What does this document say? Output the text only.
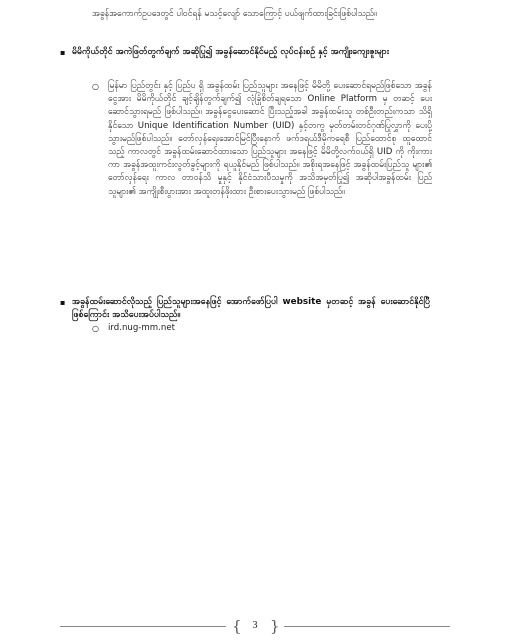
အခွန်အကောက်ဥပဒေတွင် ပါဝင်ရန် မသင့်လျော် သောကြောင့် ပယ်ဖျက်ထားခြင်းဖြစ်ပါသည်။
▪ မိမိကိုယ်တိုင် အကဲဖြတ်တွက်ချက် အဆိုပြု၍ အခွန်ဆောင်နိုင်မည့် လုပ်ငန်းစဉ် နှင့် အကျိုးကျေးဇူးများ
○	မြန်မာ ပြည်တွင်း နှင့် ပြည်ပ ရှိ အခွန်ထမ်း ပြည်သူများ အနေဖြင့် မိမိတို့ ပေးဆောင်ရမည်ဖြစ်သော အခွန်ငွေအား မိမိကိုယ်တိုင် ချင့်ချိန်တွက်ချက်၍ လုံခြုံစိတ်ချရသော Online Platform မှ တဆင့် ပေးဆောင်သွားရမည် ဖြစ်ပါသည်။ အခွန်ငွေပေးဆောင် ပြီးသည့်အခါ အခွန်ထမ်းသူ တစ်ဦးတည်းကသာ သိရှိနိုင်သော Unique Identification Number (UID) နှင့်တကွ မှတ်တမ်းတင်ဂုဏ်ပြုလွှာကို ပေးပို့သွားမည်ဖြစ်ပါသည်။ တော်လှန်ရေးအောင်မြင်ပြီးနောက် ဖက်ဒရယ်ဒီမိုကရေစီ ပြည်ထောင်စု ထူထောင်သည့် ကာလတွင် အခွန်ထမ်းဆောင်ထားသော ပြည်သူများ အနေဖြင့် မိမိတို့လက်ဝယ်ရှိ UID ကို ကိုးကားကာ အခွန်အထူးကင်းလွတ်ခွင့်များကို ရယူနိုင်မည် ဖြစ်ပါသည်။ အစိုးရအနေဖြင့် အခွန်ထမ်းပြည်သူ များ၏ တော်လှန်ရေး ကာလ တာဝန်သိ မှုနှင့် နိုင်ငံသားပီသမှုကို အသိအမှတ်ပြု၍ အဆိုပါအခွန်ထမ်း ပြည်သူများ၏ အကျိုးစီးပွားအား အထူးတန်ဖိုးထား ဦးစားပေးသွားမည် ဖြစ်ပါသည်။
▪ အခွန်ထမ်းဆောင်လိုသည့် ပြည်သူများအနေဖြင့် အောက်ဖော်ပြပါ website မှတဆင့် အခွန် ပေးဆောင်နိုင်ပြီ ဖြစ်ကြောင်း အသိပေးအပ်ပါသည်။
○	ird.nug-mm.net
{	3 }
